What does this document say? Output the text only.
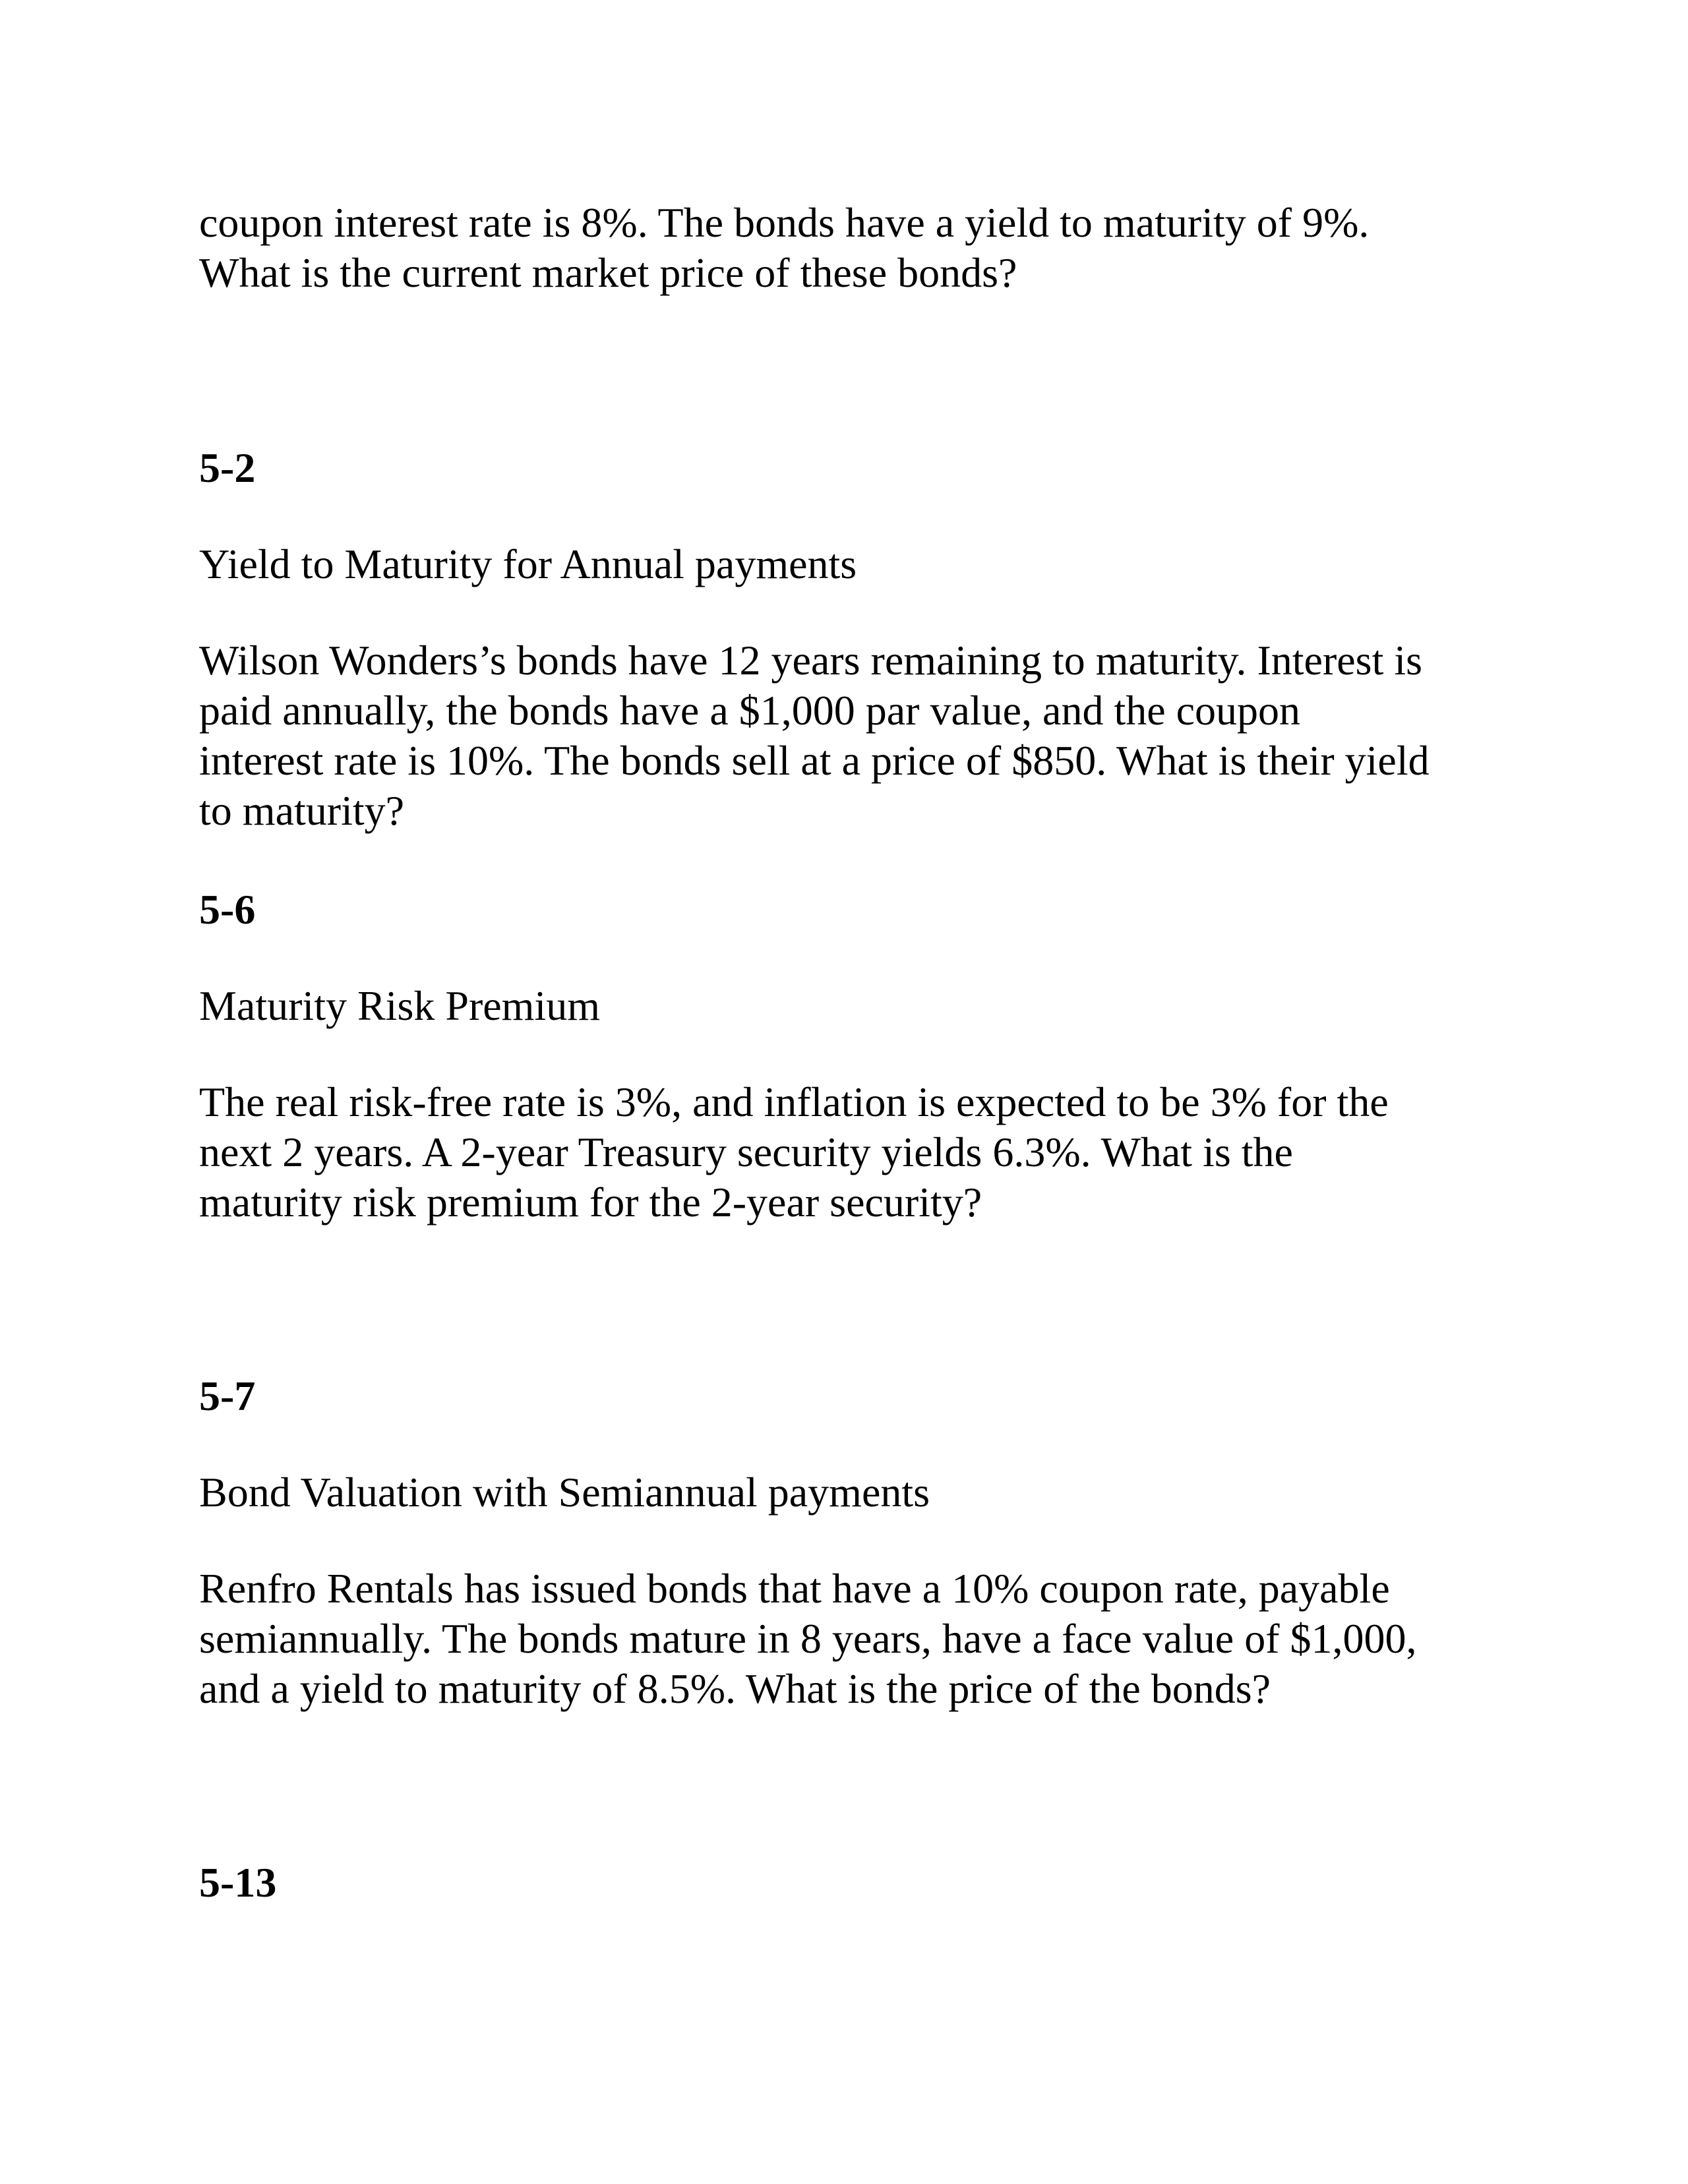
coupon interest rate is 8%. The bonds have a yield to maturity of 9%.
What is the current market price of these bonds?
5-2
Yield to Maturity for Annual payments
Wilson Wonders’s bonds have 12 years remaining to maturity. Interest is
paid annually, the bonds have a $1,000 par value, and the coupon
interest rate is 10%. The bonds sell at a price of $850. What is their yield
to maturity?
5-6
Maturity Risk Premium
The real risk-free rate is 3%, and inflation is expected to be 3% for the
next 2 years. A 2-year Treasury security yields 6.3%. What is the
maturity risk premium for the 2-year security?
5-7
Bond Valuation with Semiannual payments
Renfro Rentals has issued bonds that have a 10% coupon rate, payable
semiannually. The bonds mature in 8 years, have a face value of $1,000,
and a yield to maturity of 8.5%. What is the price of the bonds?
5-13
